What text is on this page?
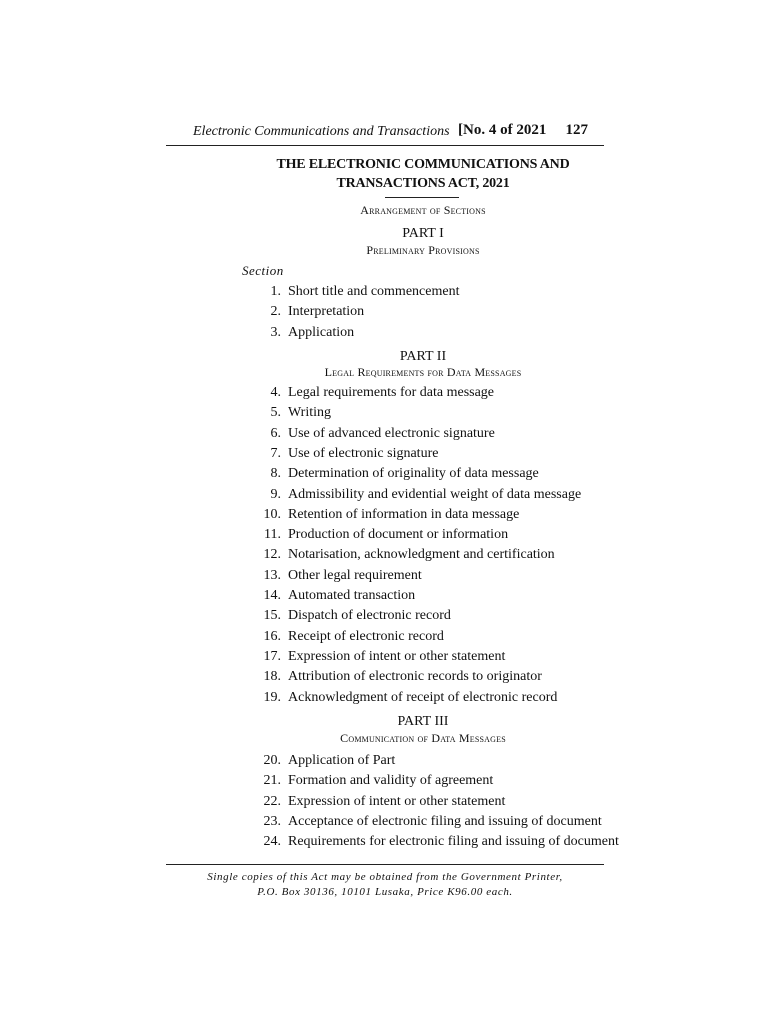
Electronic Communications and Transactions [No. 4 of 2021 127
THE ELECTRONIC COMMUNICATIONS AND
TRANSACTIONS ACT, 2021
Arrangement of Sections
PART I
Preliminary Provisions
Section
1. Short title and commencement
2. Interpretation
3. Application
PART II
Legal Requirements for Data Messages
4. Legal requirements for data message
5. Writing
6. Use of advanced electronic signature
7. Use of electronic signature
8. Determination of originality of data message
9. Admissibility and evidential weight of data message
10. Retention of information in data message
11. Production of document or information
12. Notarisation, acknowledgment and certification
13. Other legal requirement
14. Automated transaction
15. Dispatch of electronic record
16. Receipt of electronic record
17. Expression of intent or other statement
18. Attribution of electronic records to originator
19. Acknowledgment of receipt of electronic record
PART III
Communication of Data Messages
20. Application of Part
21. Formation and validity of agreement
22. Expression of intent or other statement
23. Acceptance of electronic filing and issuing of document
24. Requirements for electronic filing and issuing of document
Single copies of this Act may be obtained from the Government Printer,
P.O. Box 30136, 10101 Lusaka, Price K96.00 each.
